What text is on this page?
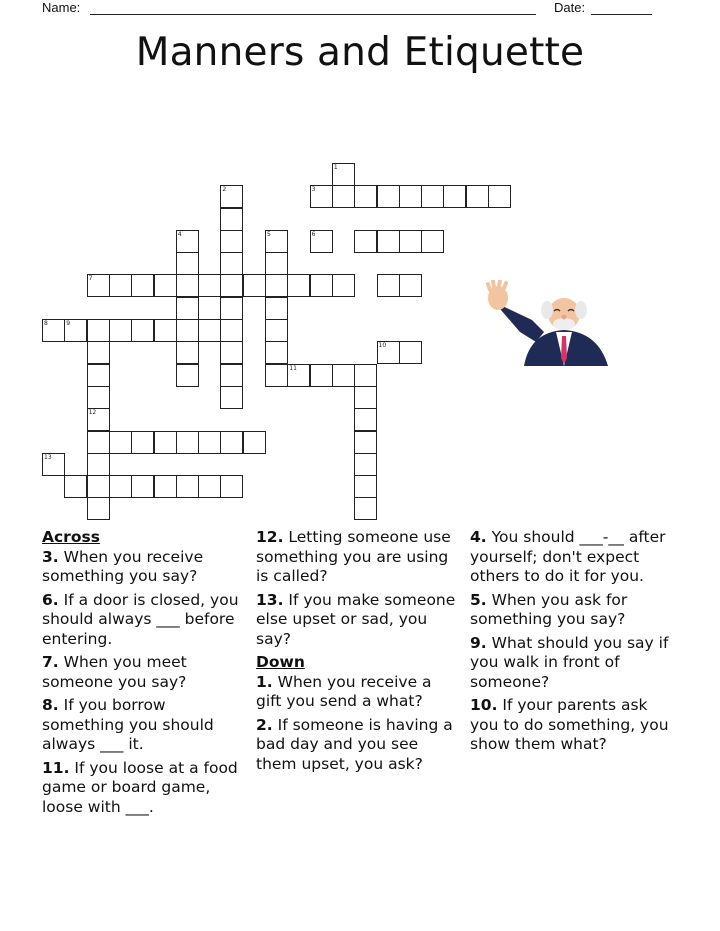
Name:	Date:
Manners and Etiquette
1
2	3
4	5	6
7
8	9
10
11
12
13
Across
3. When you receive something you say?
6. If a door is closed, you should always ___ before entering.
7. When you meet someone you say?
8. If you borrow something you should always ___ it.
11. If you loose at a food game or board game, loose with ___.
12. Letting someone use something you are using is called?
13. If you make someone else upset or sad, you say?
Down
1. When you receive a gift you send a what?
2. If someone is having a bad day and you see them upset, you ask?
4. You should ___-__ after yourself; don't expect others to do it for you.
5. When you ask for something you say?
9. What should you say if you walk in front of someone?
10. If your parents ask you to do something, you show them what?
